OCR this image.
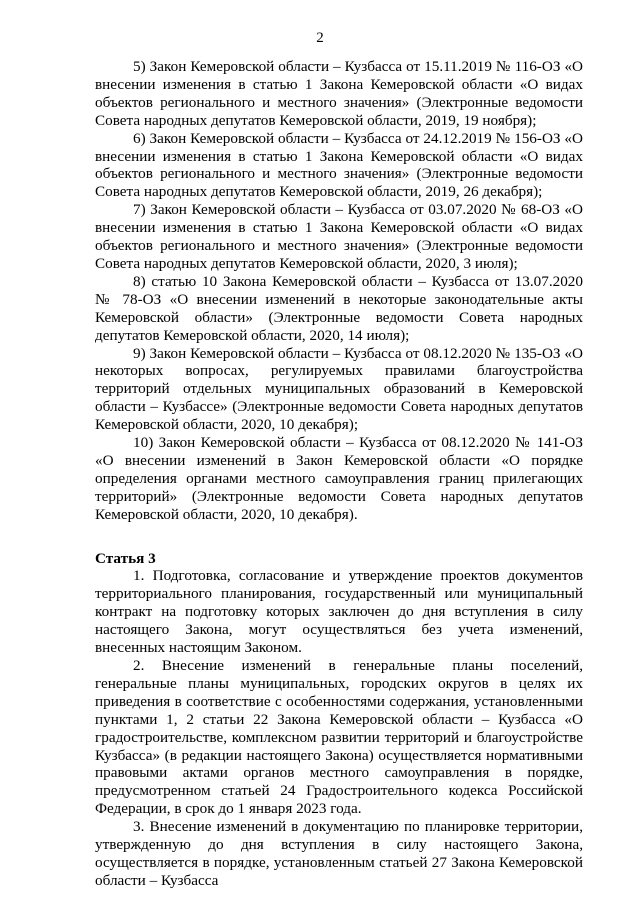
2

5) Закон Кемеровской области – Кузбасса от 15.11.2019 № 116-ОЗ «О внесении изменения в статью 1 Закона Кемеровской области «О видах объектов регионального и местного значения» (Электронные ведомости Совета народных депутатов Кемеровской области, 2019, 19 ноября);

6) Закон Кемеровской области – Кузбасса от 24.12.2019 № 156-ОЗ «О внесении изменения в статью 1 Закона Кемеровской области «О видах объектов регионального и местного значения» (Электронные ведомости Совета народных депутатов Кемеровской области, 2019, 26 декабря);

7) Закон Кемеровской области – Кузбасса от 03.07.2020 № 68-ОЗ «О внесении изменения в статью 1 Закона Кемеровской области «О видах объектов регионального и местного значения» (Электронные ведомости Совета народных депутатов Кемеровской области, 2020, 3 июля);

8) статью 10 Закона Кемеровской области – Кузбасса от 13.07.2020 № 78-ОЗ «О внесении изменений в некоторые законодательные акты Кемеровской области» (Электронные ведомости Совета народных депутатов Кемеровской области, 2020, 14 июля);

9) Закон Кемеровской области – Кузбасса от 08.12.2020 № 135-ОЗ «О некоторых вопросах, регулируемых правилами благоустройства территорий отдельных муниципальных образований в Кемеровской области – Кузбассе» (Электронные ведомости Совета народных депутатов Кемеровской области, 2020, 10 декабря);

10) Закон Кемеровской области – Кузбасса от 08.12.2020 № 141-ОЗ «О внесении изменений в Закон Кемеровской области «О порядке определения органами местного самоуправления границ прилегающих территорий» (Электронные ведомости Совета народных депутатов Кемеровской области, 2020, 10 декабря).

Статья 3

1. Подготовка, согласование и утверждение проектов документов территориального планирования, государственный или муниципальный контракт на подготовку которых заключен до дня вступления в силу настоящего Закона, могут осуществляться без учета изменений, внесенных настоящим Законом.

2. Внесение изменений в генеральные планы поселений, генеральные планы муниципальных, городских округов в целях их приведения в соответствие с особенностями содержания, установленными пунктами 1, 2 статьи 22 Закона Кемеровской области – Кузбасса «О градостроительстве, комплексном развитии территорий и благоустройстве Кузбасса» (в редакции настоящего Закона) осуществляется нормативными правовыми актами органов местного самоуправления в порядке, предусмотренном статьей 24 Градостроительного кодекса Российской Федерации, в срок до 1 января 2023 года.

3. Внесение изменений в документацию по планировке территории, утвержденную до дня вступления в силу настоящего Закона, осуществляется в порядке, установленным статьей 27 Закона Кемеровской области – Кузбасса
